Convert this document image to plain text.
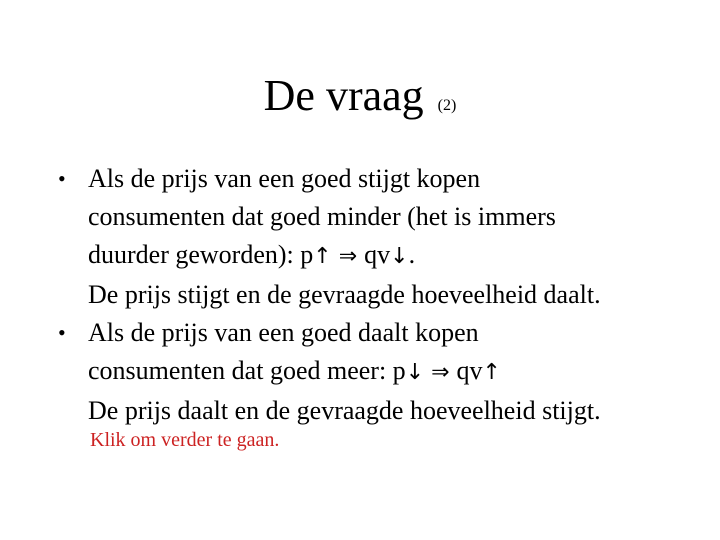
De vraag (2)
• Als de prijs van een goed stijgt kopen
consumenten dat goed minder (het is immers
duurder geworden): p↑ ⇒ qv↓.
De prijs stijgt en de gevraagde hoeveelheid daalt.
• Als de prijs van een goed daalt kopen
consumenten dat goed meer: p↓ ⇒ qv↑
De prijs daalt en de gevraagde hoeveelheid stijgt.
Klik om verder te gaan.
